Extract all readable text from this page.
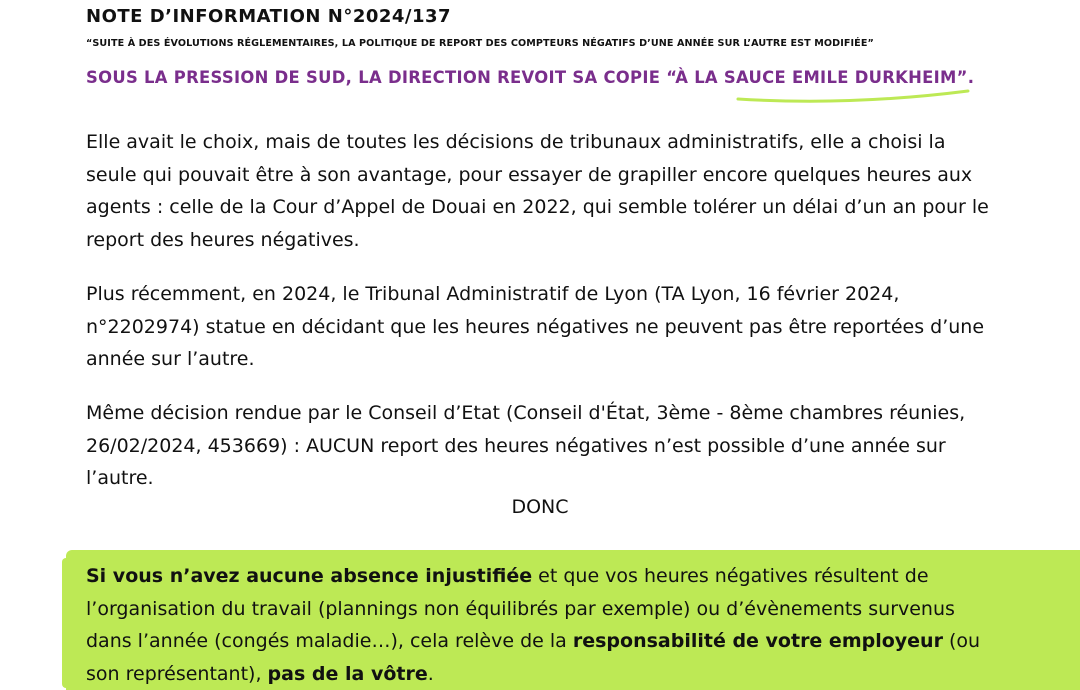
NOTE D’INFORMATION N°2024/137
“SUITE À DES ÉVOLUTIONS RÉGLEMENTAIRES, LA POLITIQUE DE REPORT DES COMPTEURS NÉGATIFS D’UNE ANNÉE SUR L’AUTRE EST MODIFIÉE”
SOUS LA PRESSION DE SUD, LA DIRECTION REVOIT SA COPIE “À LA SAUCE EMILE DURKHEIM”.

Elle avait le choix, mais de toutes les décisions de tribunaux administratifs, elle a choisi la seule qui pouvait être à son avantage, pour essayer de grapiller encore quelques heures aux agents : celle de la Cour d’Appel de Douai en 2022, qui semble tolérer un délai d’un an pour le report des heures négatives.

Plus récemment, en 2024, le Tribunal Administratif de Lyon (TA Lyon, 16 février 2024, n°2202974) statue en décidant que les heures négatives ne peuvent pas être reportées d’une année sur l’autre.

Même décision rendue par le Conseil d’Etat (Conseil d'État, 3ème - 8ème chambres réunies, 26/02/2024, 453669) : AUCUN report des heures négatives n’est possible d’une année sur l’autre.

DONC

Si vous n’avez aucune absence injustifiée et que vos heures négatives résultent de l’organisation du travail (plannings non équilibrés par exemple) ou d’évènements survenus dans l’année (congés maladie…), cela relève de la responsabilité de votre employeur (ou son représentant), pas de la vôtre.
